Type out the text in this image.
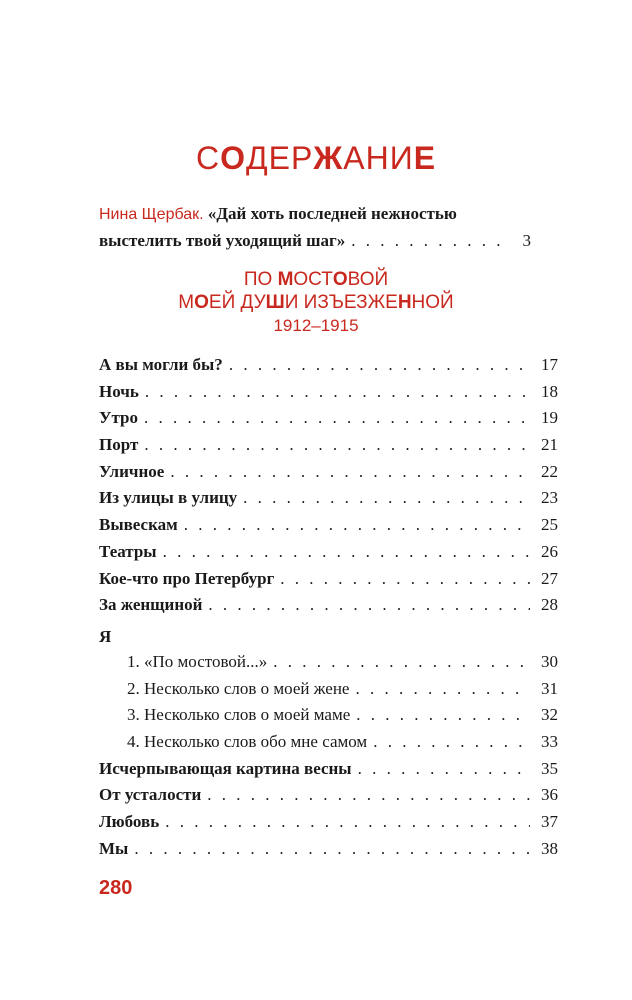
СОДЕРЖАНИЕ
Нина Щербак. «Дай хоть последней нежностью
выстелить твой уходящий шаг» . . .	3
ПО МОСТОВОЙ
МОЕЙ ДУШИ ИЗЪЕЗЖЕННОЙ
1912–1915
А вы могли бы? . . .	17
Ночь . . .	18
Утро . . .	19
Порт . . .	21
Уличное . . .	22
Из улицы в улицу . . .	23
Вывескам . . .	25
Театры . . .	26
Кое-что про Петербург . . .	27
За женщиной . . .	28
Я
1. «По мостовой...» . . .	30
2. Несколько слов о моей жене . . .	31
3. Несколько слов о моей маме . . .	32
4. Несколько слов обо мне самом . . .	33
Исчерпывающая картина весны . . .	35
От усталости . . .	36
Любовь . . .	37
Мы . . .	38
280
